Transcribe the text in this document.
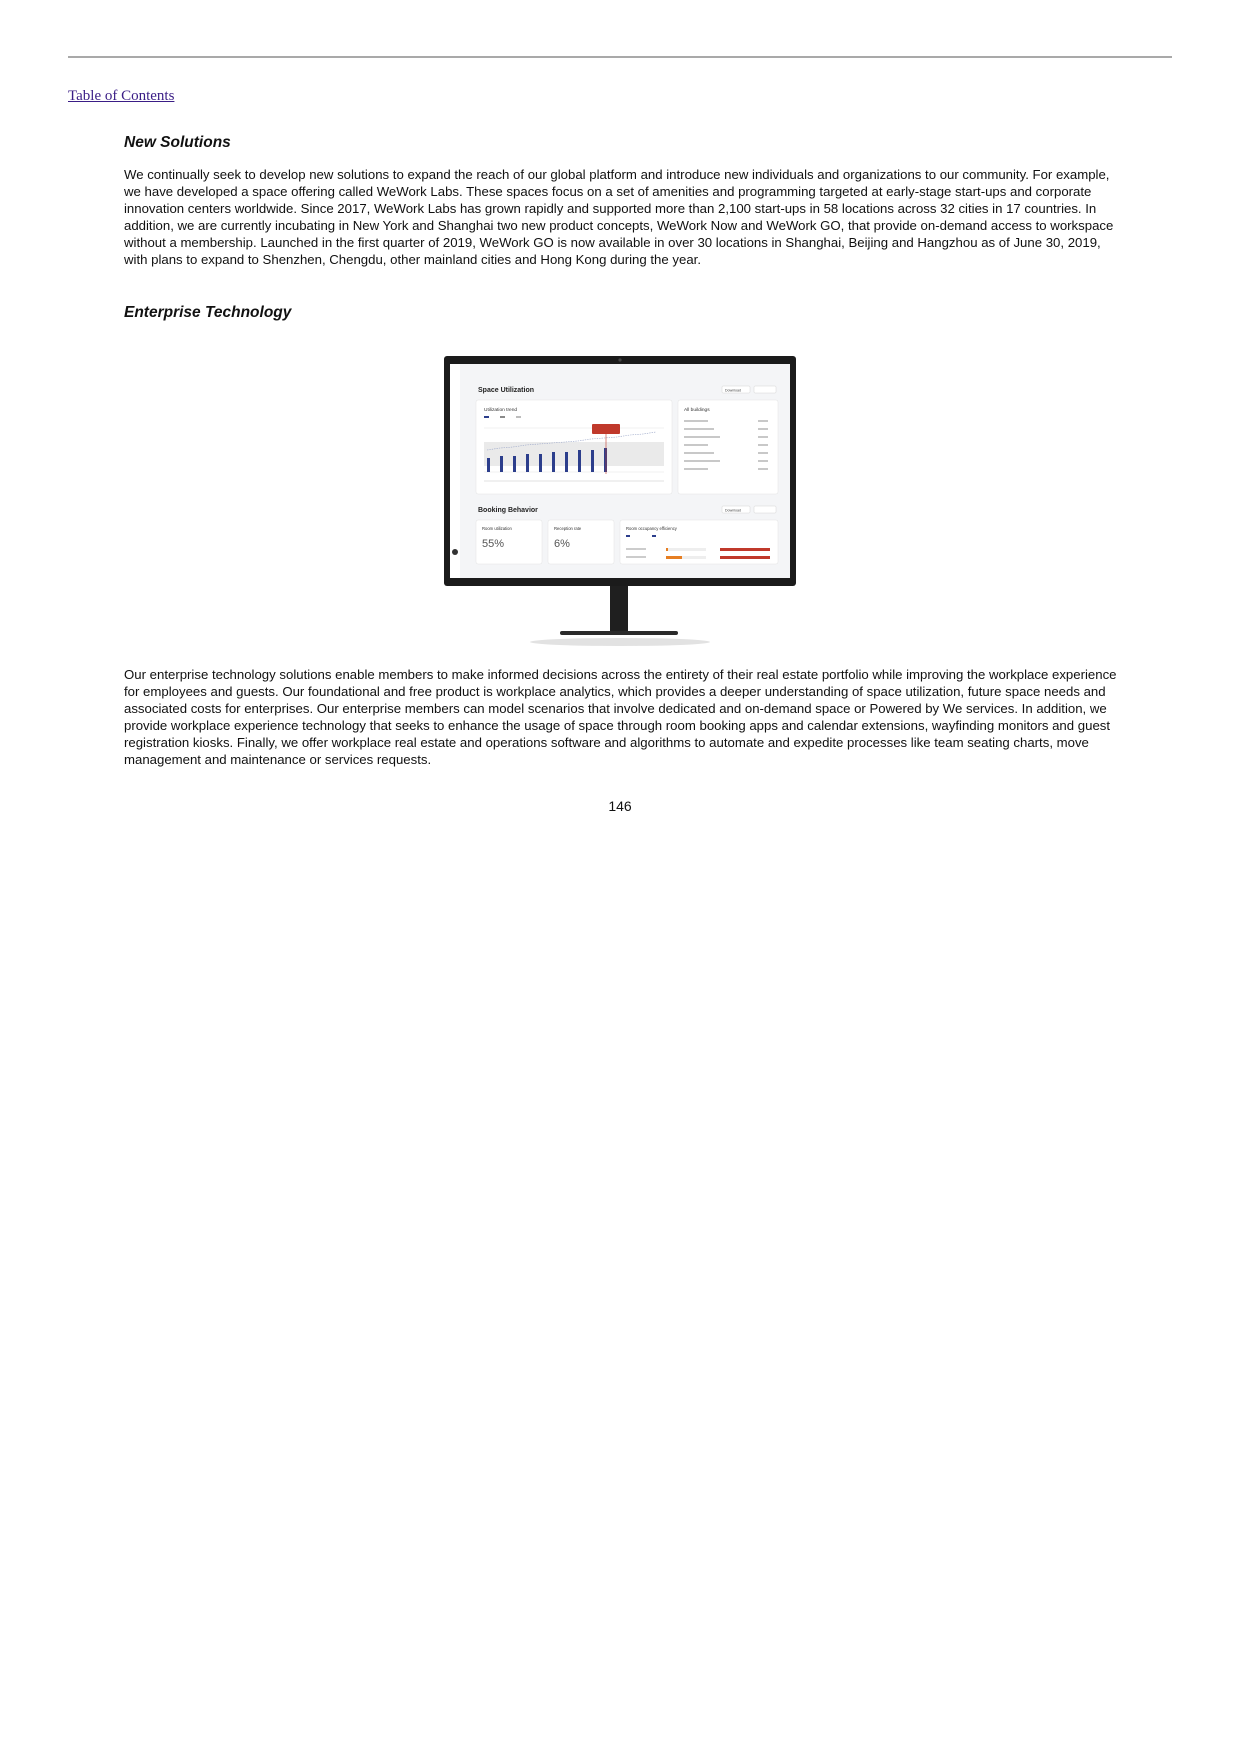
Table of Contents
New Solutions

We continually seek to develop new solutions to expand the reach of our global platform and introduce new individuals and organizations to our community. For example, we have developed a space offering called WeWork Labs. These spaces focus on a set of amenities and programming targeted at early-stage start-ups and corporate innovation centers worldwide. Since 2017, WeWork Labs has grown rapidly and supported more than 2,100 start-ups in 58 locations across 32 cities in 17 countries. In addition, we are currently incubating in New York and Shanghai two new product concepts, WeWork Now and WeWork GO, that provide on-demand access to workspace without a membership. Launched in the first quarter of 2019, WeWork GO is now available in over 30 locations in Shanghai, Beijing and Hangzhou as of June 30, 2019, with plans to expand to Shenzhen, Chengdu, other mainland cities and Hong Kong during the year.

Enterprise Technology
Space Utilization	Download
Utilization trend	All buildings
Booking Behavior	Download
Room utilization
55%
Reception rate
6%
Room occupancy efficiency

Our enterprise technology solutions enable members to make informed decisions across the entirety of their real estate portfolio while improving the workplace experience for employees and guests. Our foundational and free product is workplace analytics, which provides a deeper understanding of space utilization, future space needs and associated costs for enterprises. Our enterprise members can model scenarios that involve dedicated and on-demand space or Powered by We services. In addition, we provide workplace experience technology that seeks to enhance the usage of space through room booking apps and calendar extensions, wayfinding monitors and guest registration kiosks. Finally, we offer workplace real estate and operations software and algorithms to automate and expedite processes like team seating charts, move management and maintenance or services requests.

146
